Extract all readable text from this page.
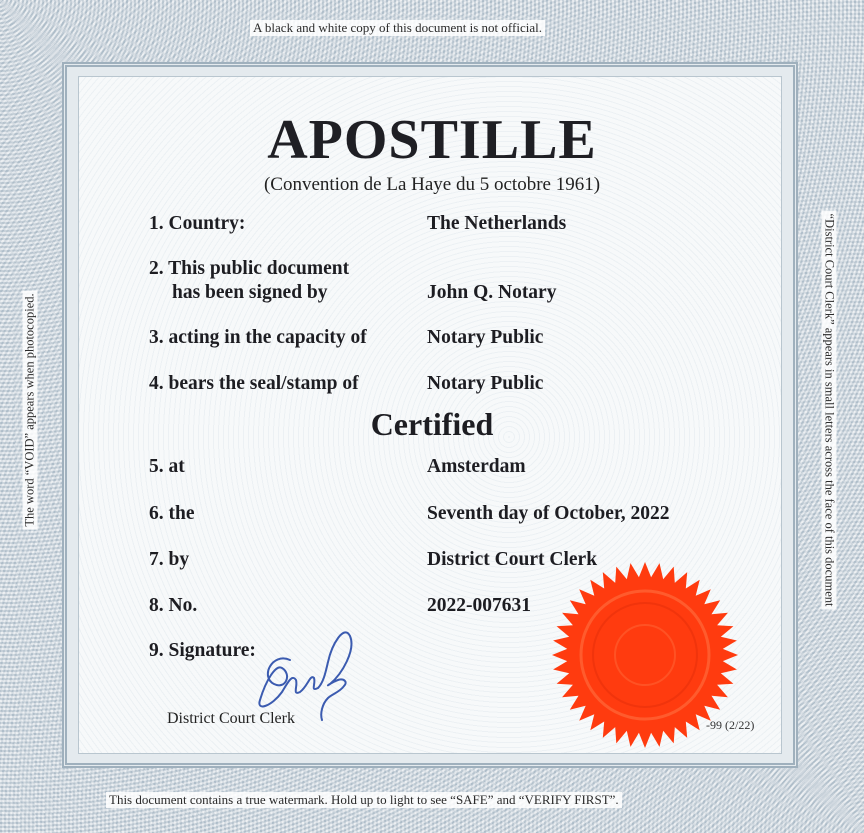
A black and white copy of this document is not official.
This document contains a true watermark. Hold up to light to see “SAFE” and “VERIFY FIRST”.
The word “VOID” appears when photocopied.	“District Court Clerk” appears in small letters across the face of this document
APOSTILLE
(Convention de La Haye du 5 octobre 1961)
1. Country:	The Netherlands
2. This public document
has been signed by	John Q. Notary
3. acting in the capacity of	Notary Public
4. bears the seal/stamp of	Notary Public
Certified
5. at	Amsterdam
6. the	Seventh day of October, 2022
7. by	District Court Clerk
8. No.	2022-007631
9. Signature:
District Court Clerk	-99 (2/22)
